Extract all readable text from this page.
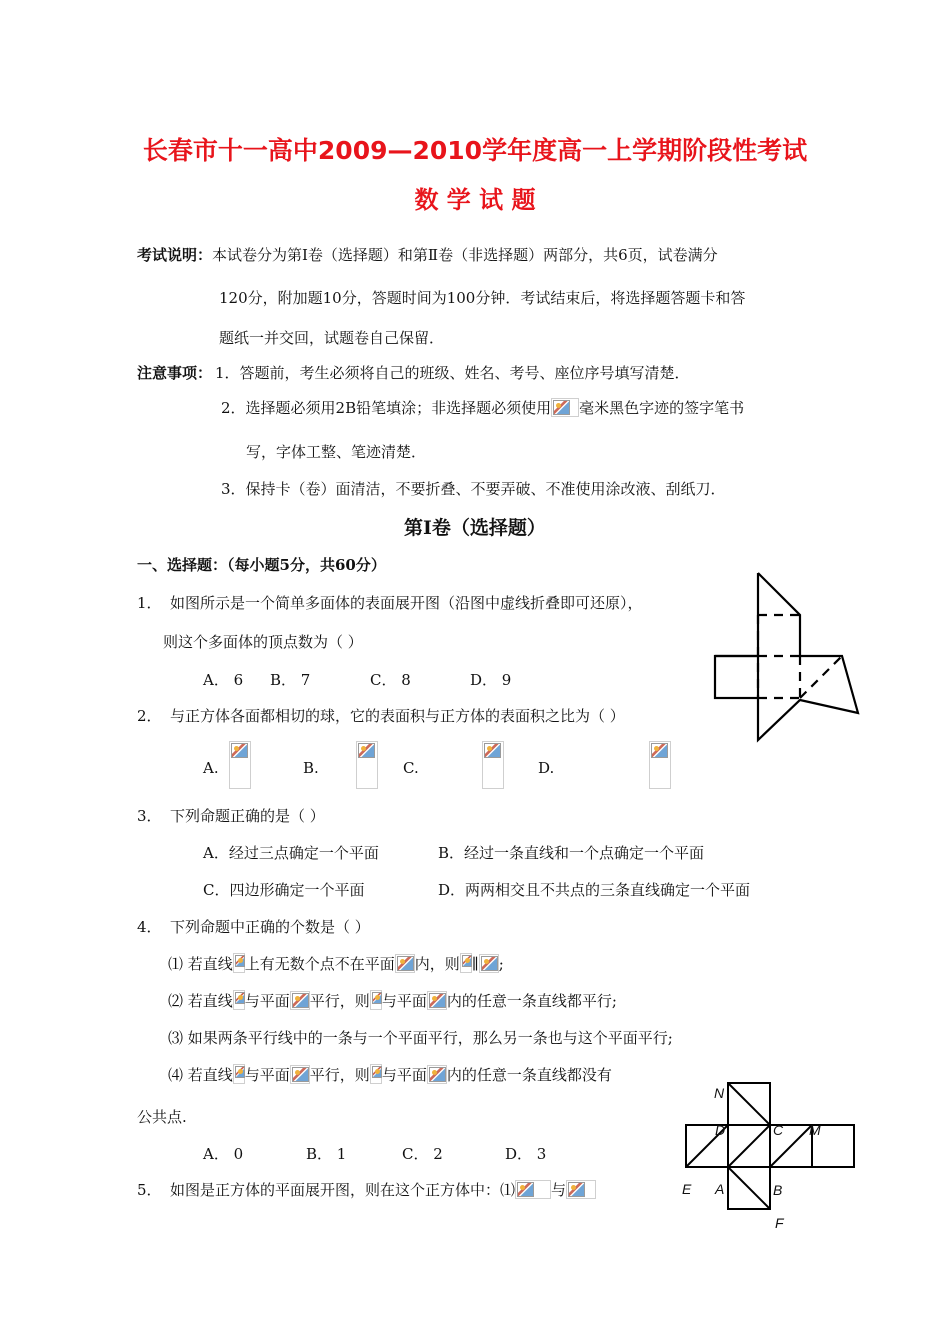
长春市十一高中2009—2010学年度高一上学期阶段性考试
数 学 试 题
考试说明： 本试卷分为第Ⅰ卷（选择题）和第Ⅱ卷（非选择题）两部分，共6页，试卷满分
120分，附加题10分，答题时间为100分钟．考试结束后，将选择题答题卡和答
题纸一并交回，试题卷自己保留．
注意事项： 1．答题前，考生必须将自己的班级、姓名、考号、座位序号填写清楚．
2．选择题必须用2B铅笔填涂；非选择题必须使用 毫米黑色字迹的签字笔书
写，字体工整、笔迹清楚．
3．保持卡（卷）面清洁，不要折叠、不要弄破、不准使用涂改液、刮纸刀．
第Ⅰ卷（选择题）
一、选择题：（每小题5分，共60分）
1． 如图所示是一个简单多面体的表面展开图（沿图中虚线折叠即可还原），
则这个多面体的顶点数为（ ）
A． 6 B． 7	C． 8	D． 9
2． 与正方体各面都相切的球，它的表面积与正方体的表面积之比为（ ）
A.
	B.
	C.
	D.
3． 下列命题正确的是（ ）
A．经过三点确定一个平面	B．经过一条直线和一个点确定一个平面
C．四边形确定一个平面	D．两两相交且不共点的三条直线确定一个平面
4． 下列命题中正确的个数是（ ）
⑴ 若直线 上有无数个点不在平面 内，则 ∥ ;
⑵ 若直线 与平面 平行，则 与平面 内的任意一条直线都平行;
⑶ 如果两条平行线中的一条与一个平面平行，那么另一条也与这个平面平行;
⑷ 若直线 与平面 平行，则 与平面 内的任意一条直线都没有
公共点.
A． 0	B． 1	C． 2	D． 3
5． 如图是正方体的平面展开图，则在这个正方体中：⑴ 与
N
D	C M
E A	B
F
